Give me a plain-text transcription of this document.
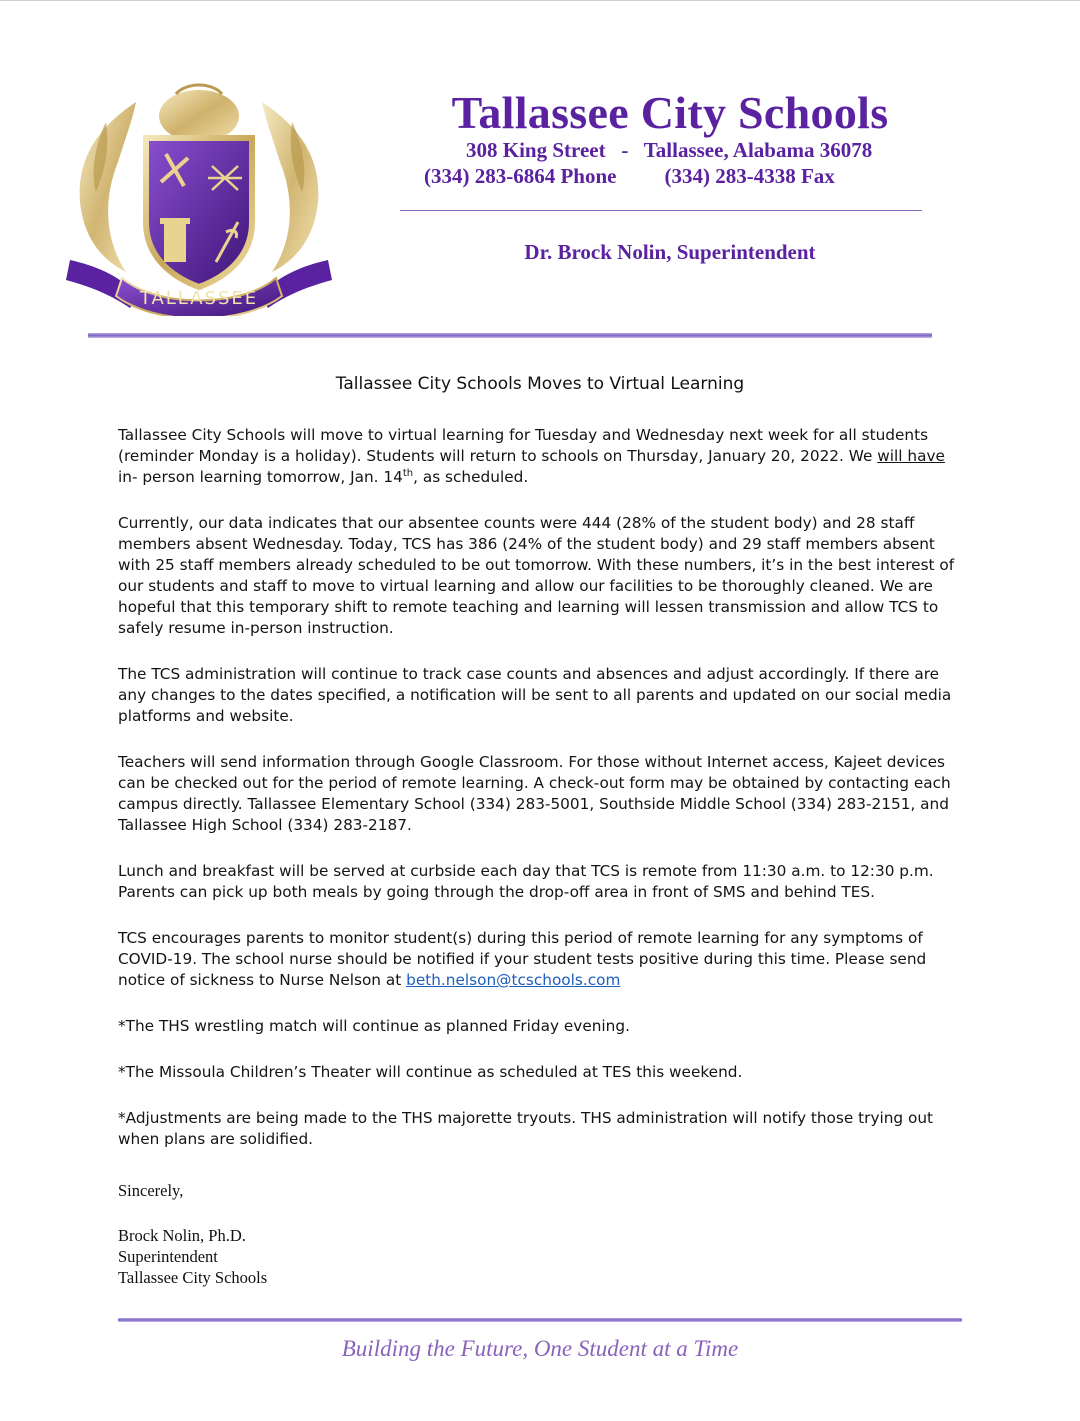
TALLASSEE
Tallassee City Schools
308 King Street   -   Tallassee, Alabama 36078
(334) 283-6864 Phone (334) 283-4338 Fax
Dr. Brock Nolin, Superintendent
Tallassee City Schools Moves to Virtual Learning

Tallassee City Schools will move to virtual learning for Tuesday and Wednesday next week for all students (reminder Monday is a holiday). Students will return to schools on Thursday, January 20, 2022. We will have in- person learning tomorrow, Jan. 14th, as scheduled.

Currently, our data indicates that our absentee counts were 444 (28% of the student body) and 28 staff members absent Wednesday. Today, TCS has 386 (24% of the student body) and 29 staff members absent with 25 staff members already scheduled to be out tomorrow. With these numbers, it’s in the best interest of our students and staff to move to virtual learning and allow our facilities to be thoroughly cleaned. We are hopeful that this temporary shift to remote teaching and learning will lessen transmission and allow TCS to safely resume in-person instruction.

The TCS administration will continue to track case counts and absences and adjust accordingly. If there are any changes to the dates specified, a notification will be sent to all parents and updated on our social media platforms and website.

Teachers will send information through Google Classroom. For those without Internet access, Kajeet devices can be checked out for the period of remote learning. A check-out form may be obtained by contacting each campus directly. Tallassee Elementary School (334) 283-5001, Southside Middle School (334) 283-2151, and Tallassee High School (334) 283-2187.

Lunch and breakfast will be served at curbside each day that TCS is remote from 11:30 a.m. to 12:30 p.m. Parents can pick up both meals by going through the drop-off area in front of SMS and behind TES.

TCS encourages parents to monitor student(s) during this period of remote learning for any symptoms of COVID-19. The school nurse should be notified if your student tests positive during this time. Please send notice of sickness to Nurse Nelson at beth.nelson@tcschools.com

*The THS wrestling match will continue as planned Friday evening.

*The Missoula Children’s Theater will continue as scheduled at TES this weekend.

*Adjustments are being made to the THS majorette tryouts. THS administration will notify those trying out when plans are solidified.

Sincerely,
Brock Nolin, Ph.D.
Superintendent
Tallassee City Schools
Building the Future, One Student at a Time
